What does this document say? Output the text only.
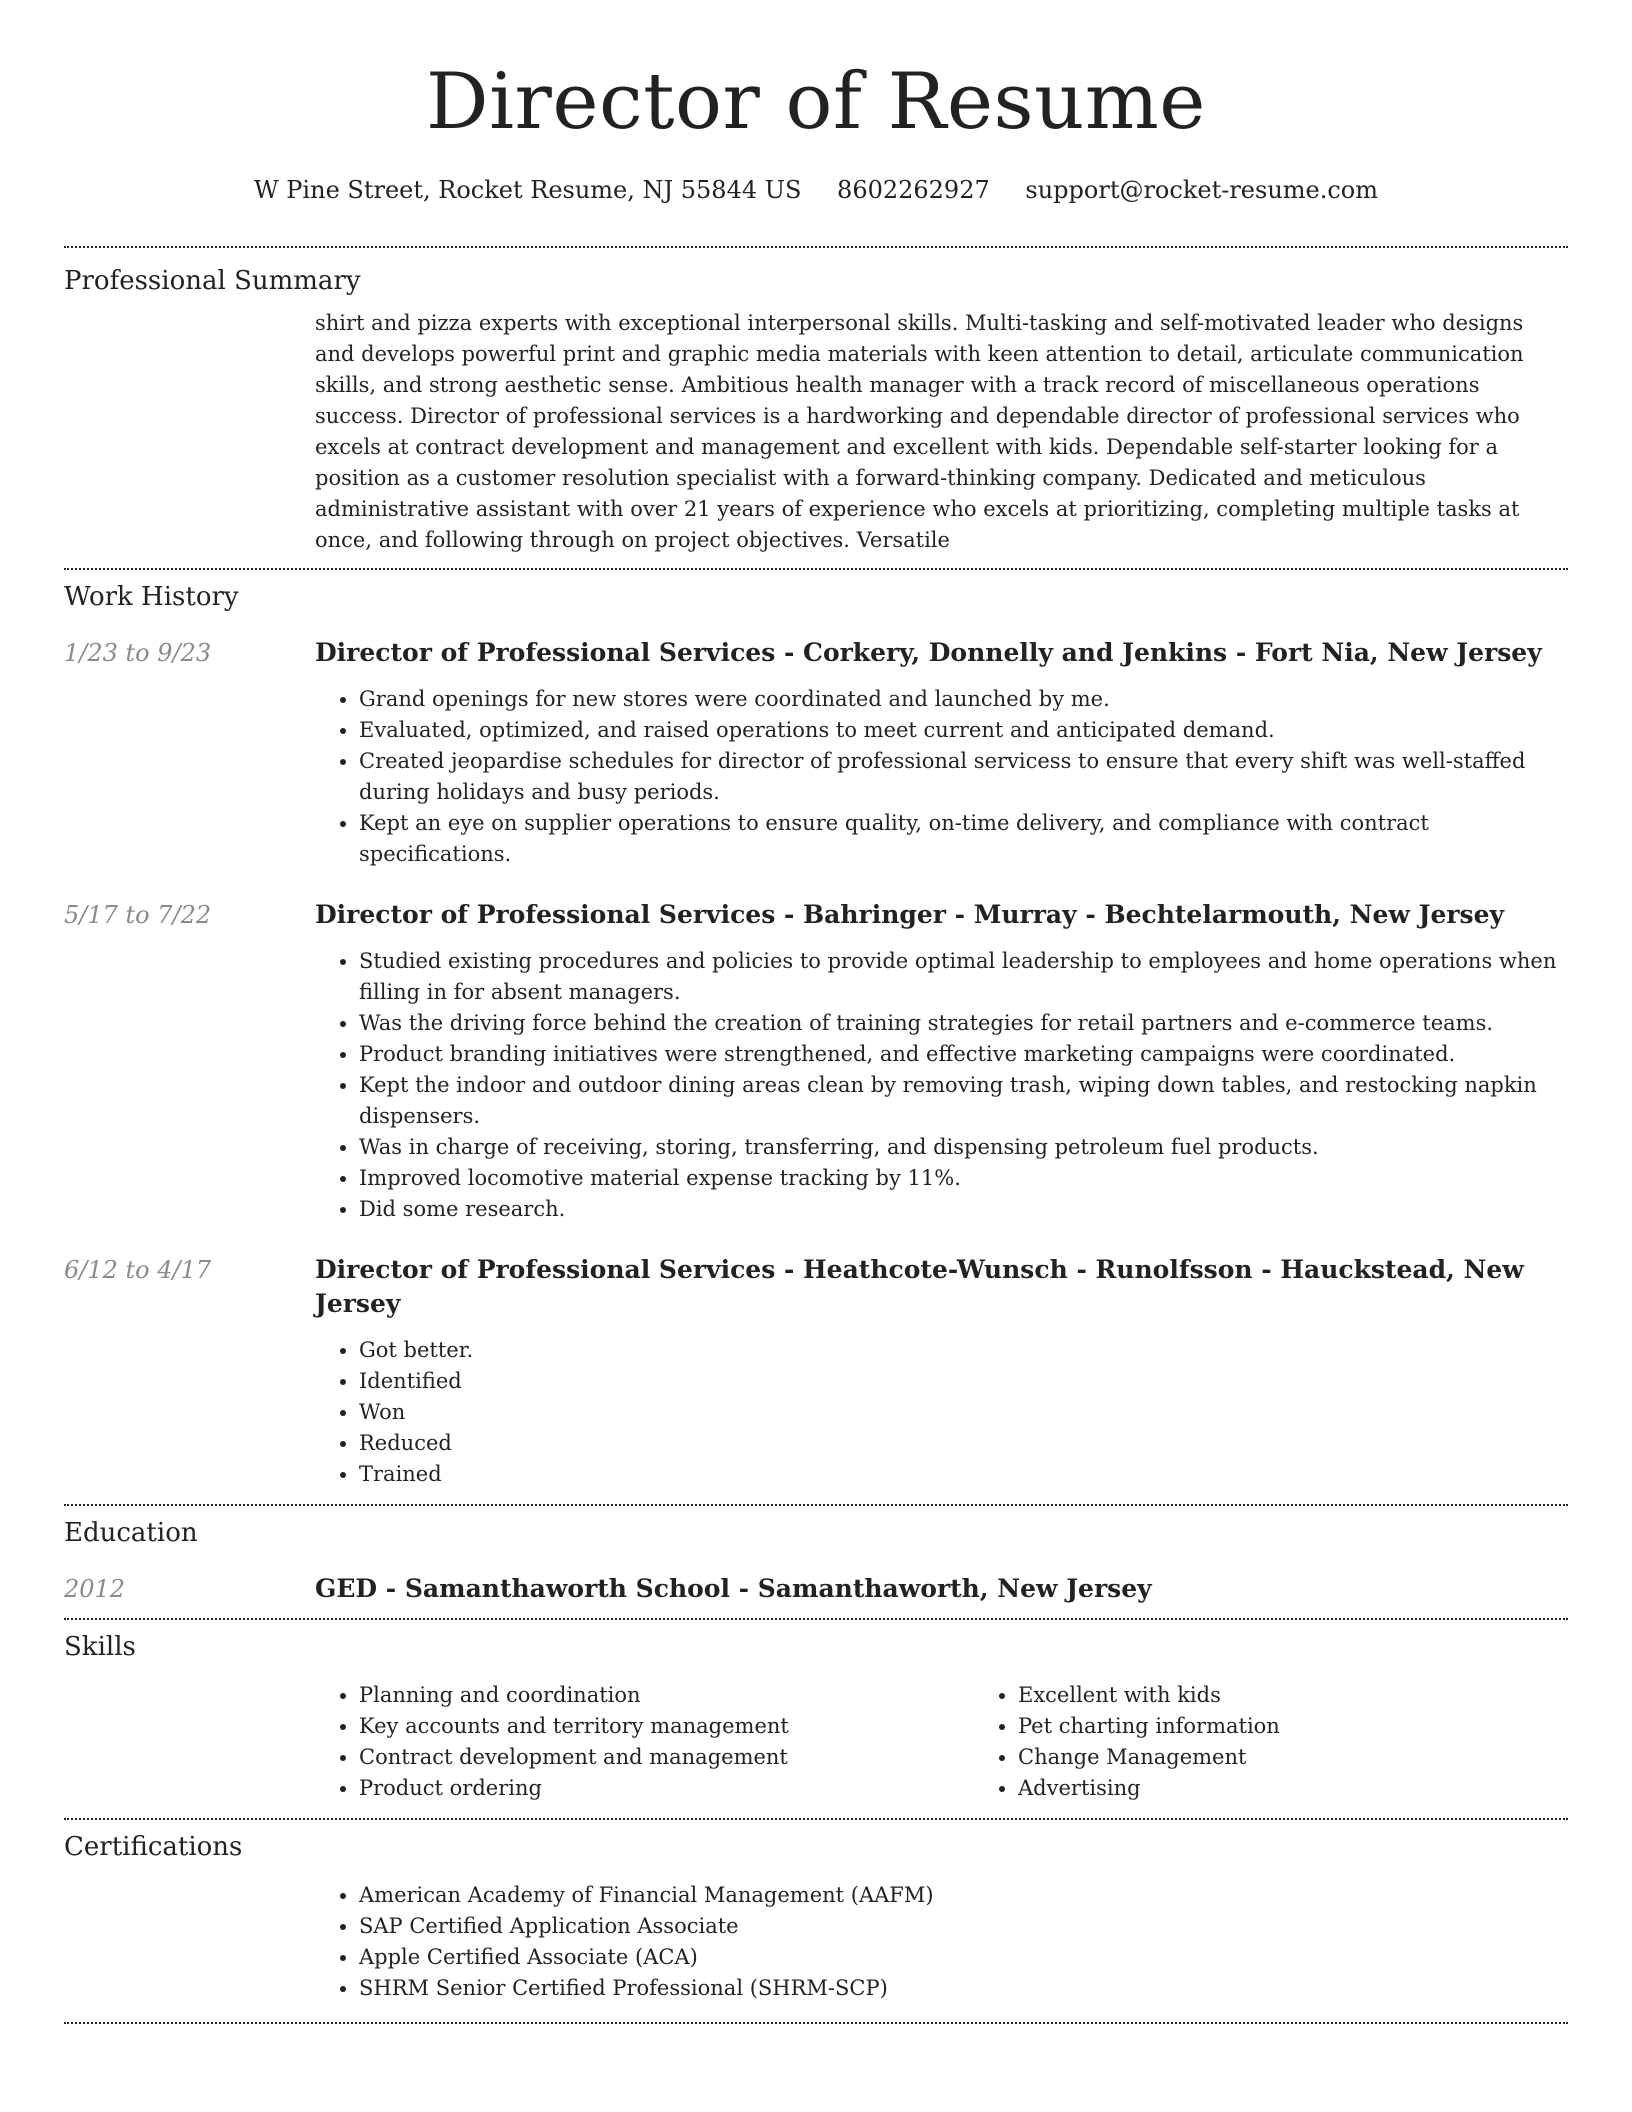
Director of Resume
W Pine Street, Rocket Resume, NJ 55844 US 8602262927 support@rocket-resume.com
Professional Summary

shirt and pizza experts with exceptional interpersonal skills. Multi-tasking and self-motivated leader who designs and develops powerful print and graphic media materials with keen attention to detail, articulate communication skills, and strong aesthetic sense. Ambitious health manager with a track record of miscellaneous operations success. Director of professional services is a hardworking and dependable director of professional services who excels at contract development and management and excellent with kids. Dependable self-starter looking for a position as a customer resolution specialist with a forward-thinking company. Dedicated and meticulous administrative assistant with over 21 years of experience who excels at prioritizing, completing multiple tasks at once, and following through on project objectives. Versatile

Work History
1/23 to 9/23	Director of Professional Services - Corkery, Donnelly and Jenkins - Fort Nia, New Jersey
• Grand openings for new stores were coordinated and launched by me.
• Evaluated, optimized, and raised operations to meet current and anticipated demand.
• Created jeopardise schedules for director of professional servicess to ensure that every shift was well-staffed during holidays and busy periods.
• Kept an eye on supplier operations to ensure quality, on-time delivery, and compliance with contract specifications.
5/17 to 7/22	Director of Professional Services - Bahringer - Murray - Bechtelarmouth, New Jersey
• Studied existing procedures and policies to provide optimal leadership to employees and home operations when filling in for absent managers.
• Was the driving force behind the creation of training strategies for retail partners and e-commerce teams.
• Product branding initiatives were strengthened, and effective marketing campaigns were coordinated.
• Kept the indoor and outdoor dining areas clean by removing trash, wiping down tables, and restocking napkin dispensers.
• Was in charge of receiving, storing, transferring, and dispensing petroleum fuel products.
• Improved locomotive material expense tracking by 11%.
• Did some research.
6/12 to 4/17	Director of Professional Services - Heathcote-Wunsch - Runolfsson - Hauckstead, New Jersey
• Got better.
• Identified
• Won
• Reduced
• Trained
Education
2012	GED - Samanthaworth School - Samanthaworth, New Jersey
Skills
• Planning and coordination
• Key accounts and territory management
• Contract development and management
• Product ordering
• Excellent with kids
• Pet charting information
• Change Management
• Advertising
Certifications
• American Academy of Financial Management (AAFM)
• SAP Certified Application Associate
• Apple Certified Associate (ACA)
• SHRM Senior Certified Professional (SHRM-SCP)
